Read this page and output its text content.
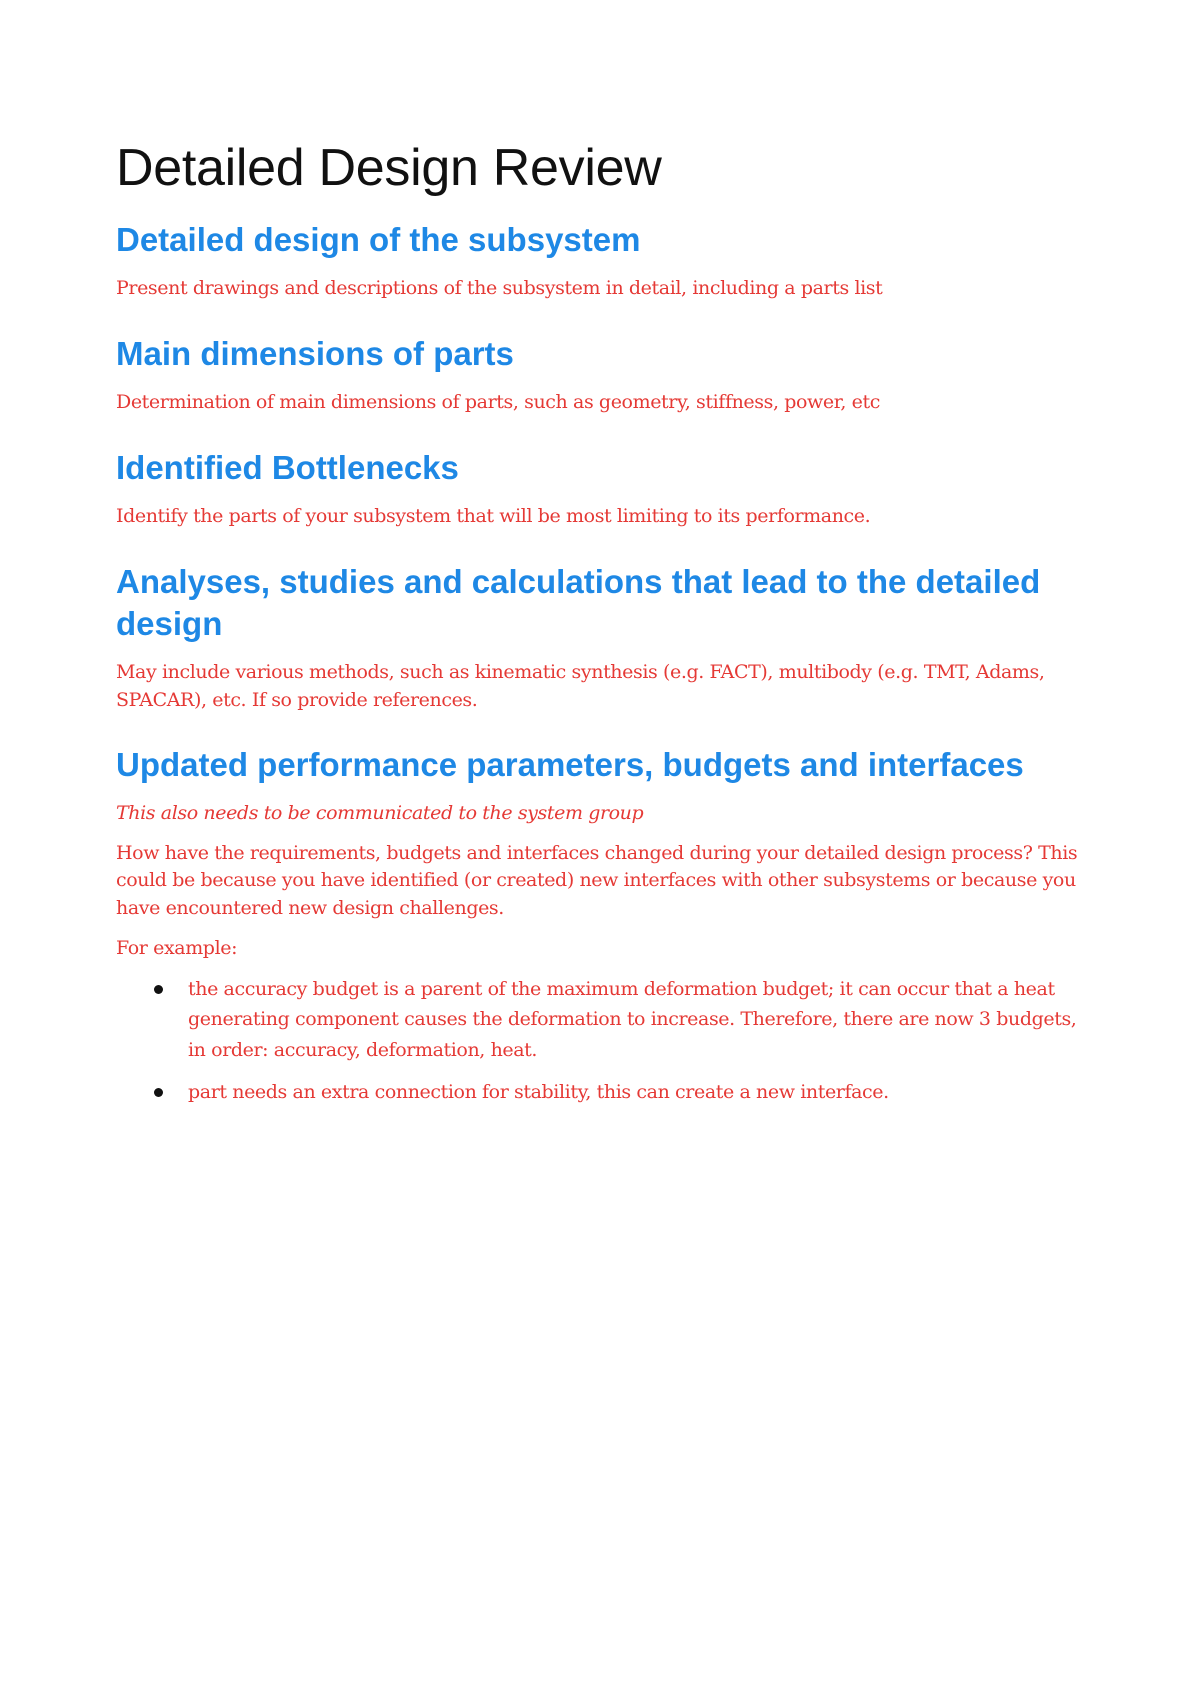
Detailed Design Review
Detailed design of the subsystem

Present drawings and descriptions of the subsystem in detail, including a parts list

Main dimensions of parts

Determination of main dimensions of parts, such as geometry, stiffness, power, etc

Identified Bottlenecks

Identify the parts of your subsystem that will be most limiting to its performance.

Analyses, studies and calculations that lead to the detailed design

May include various methods, such as kinematic synthesis (e.g. FACT), multibody (e.g. TMT, Adams, SPACAR), etc. If so provide references.

Updated performance parameters, budgets and interfaces

This also needs to be communicated to the system group

How have the requirements, budgets and interfaces changed during your detailed design process? This could be because you have identified (or created) new interfaces with other subsystems or because you have encountered new design challenges.

For example:

the accuracy budget is a parent of the maximum deformation budget; it can occur that a heat generating component causes the deformation to increase. Therefore, there are now 3 budgets, in order: accuracy, deformation, heat.
part needs an extra connection for stability, this can create a new interface.
